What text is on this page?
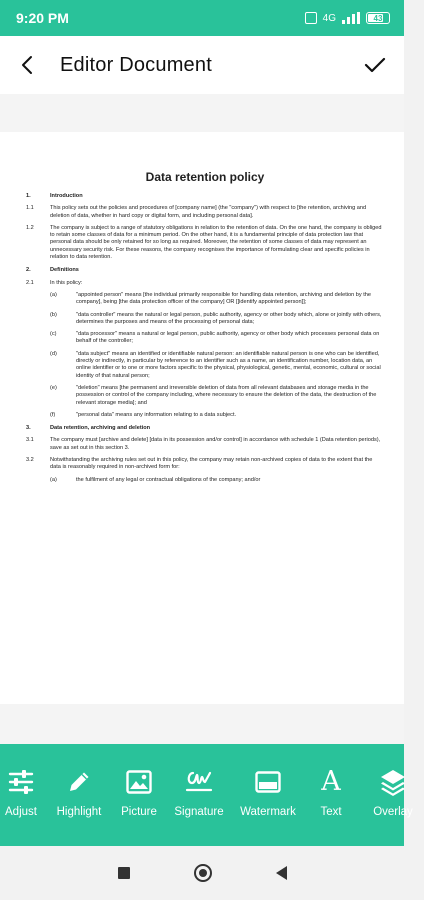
9:20 PM	4G	43
Editor Document
Data retention policy
1.	Introduction
1.1	This policy sets out the policies and procedures of [company name] (the "company") with respect to [the retention, archiving and deletion of data, whether in hard copy or digital form, and including personal data].
1.2	The company is subject to a range of statutory obligations in relation to the retention of data. On the one hand, the company is obliged to retain some classes of data for a minimum period. On the other hand, it is a fundamental principle of data protection law that personal data should be only retained for so long as required. Moreover, the retention of some classes of data may represent an unnecessary security risk. For these reasons, the company recognises the importance of formulating clear and specific policies in relation to data retention.
2.	Definitions
2.1	In this policy:
(a)	"appointed person" means [the individual primarily responsible for handling data retention, archiving and deletion by the company], being [the data protection officer of the company] OR [[identify appointed person]];
(b)	"data controller" means the natural or legal person, public authority, agency or other body which, alone or jointly with others, determines the purposes and means of the processing of personal data;
(c)	"data processor" means a natural or legal person, public authority, agency or other body which processes personal data on behalf of the controller;
(d)	"data subject" means an identified or identifiable natural person: an identifiable natural person is one who can be identified, directly or indirectly, in particular by reference to an identifier such as a name, an identification number, location data, an online identifier or to one or more factors specific to the physical, physiological, genetic, mental, economic, cultural or social identity of that natural person;
(e)	"deletion" means [the permanent and irreversible deletion of data from all relevant databases and storage media in the possession or control of the company including, where necessary to ensure the deletion of the data, the destruction of the relevant storage media]; and
(f)	"personal data" means any information relating to a data subject.
3.	Data retention, archiving and deletion
3.1	The company must [archive and delete] [data in its possession and/or control] in accordance with schedule 1 (Data retention periods), save as set out in this section 3.
3.2	Notwithstanding the archiving rules set out in this policy, the company may retain non-archived copies of data to the extent that the data is reasonably required in non-archived form for:
(a)	the fulfilment of any legal or contractual obligations of the company; and/or
Adjust Highlight Picture Signature Watermark
A
Text	Overlay
